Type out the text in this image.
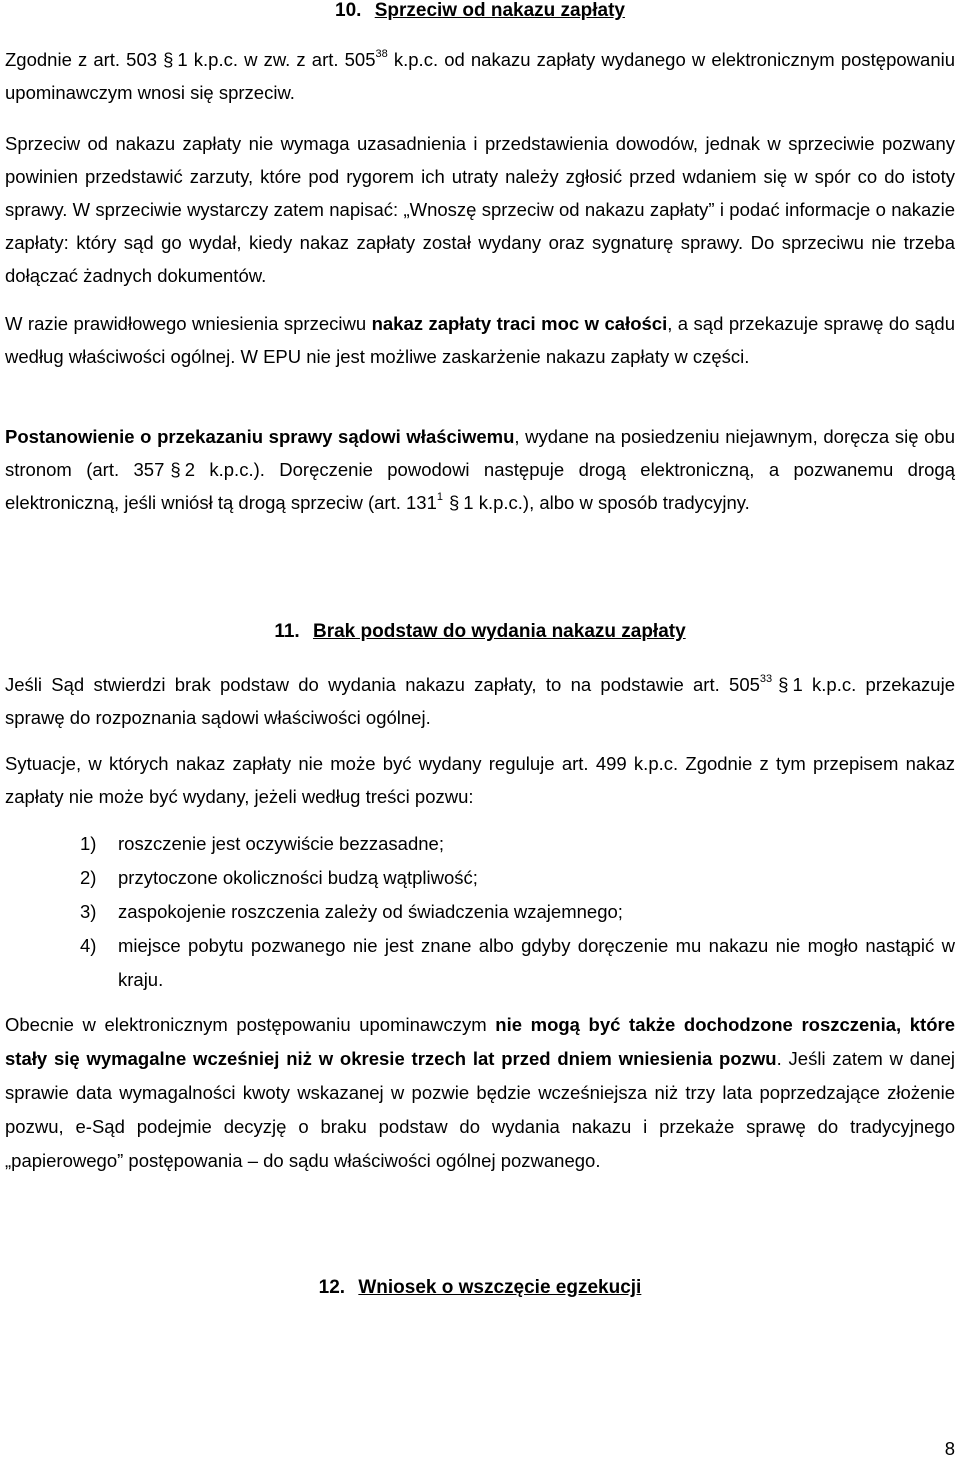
10. Sprzeciw od nakazu zapłaty

Zgodnie z art. 503 § 1 k.p.c. w zw. z art. $505^{38}$ k.p.c. od nakazu zapłaty wydanego w elektronicznym postępowaniu upominawczym wnosi się sprzeciw.

Sprzeciw od nakazu zapłaty nie wymaga uzasadnienia i przedstawienia dowodów, jednak w sprzeciwie pozwany powinien przedstawić zarzuty, które pod rygorem ich utraty należy zgłosić przed wdaniem się w spór co do istoty sprawy. W sprzeciwie wystarczy zatem napisać: „Wnoszę sprzeciw od nakazu zapłaty” i podać informacje o nakazie zapłaty: który sąd go wydał, kiedy nakaz zapłaty został wydany oraz sygnaturę sprawy. Do sprzeciwu nie trzeba dołączać żadnych dokumentów.

W razie prawidłowego wniesienia sprzeciwu nakaz zapłaty traci moc w całości, a sąd przekazuje sprawę do sądu według właściwości ogólnej. W EPU nie jest możliwe zaskarżenie nakazu zapłaty w części.

Postanowienie o przekazaniu sprawy sądowi właściwemu, wydane na posiedzeniu niejawnym, doręcza się obu stronom (art. 357 § 2 k.p.c.). Doręczenie powodowi następuje drogą elektroniczną, a pozwanemu drogą elektroniczną, jeśli wniósł tą drogą sprzeciw (art. $131^1$ § 1 k.p.c.), albo w sposób tradycyjny.

11. Brak podstaw do wydania nakazu zapłaty

Jeśli Sąd stwierdzi brak podstaw do wydania nakazu zapłaty, to na podstawie art. $505^{33}$ § 1 k.p.c. przekazuje sprawę do rozpoznania sądowi właściwości ogólnej.

Sytuacje, w których nakaz zapłaty nie może być wydany reguluje art. 499 k.p.c. Zgodnie z tym przepisem nakaz zapłaty nie może być wydany, jeżeli według treści pozwu:

1) roszczenie jest oczywiście bezzasadne;
2) przytoczone okoliczności budzą wątpliwość;
3) zaspokojenie roszczenia zależy od świadczenia wzajemnego;
4) miejsce pobytu pozwanego nie jest znane albo gdyby doręczenie mu nakazu nie mogło nastąpić w kraju.

Obecnie w elektronicznym postępowaniu upominawczym nie mogą być także dochodzone roszczenia, które stały się wymagalne wcześniej niż w okresie trzech lat przed dniem wniesienia pozwu. Jeśli zatem w danej sprawie data wymagalności kwoty wskazanej w pozwie będzie wcześniejsza niż trzy lata poprzedzające złożenie pozwu, e-Sąd podejmie decyzję o braku podstaw do wydania nakazu i przekaże sprawę do tradycyjnego „papierowego” postępowania – do sądu właściwości ogólnej pozwanego.

12. Wniosek o wszczęcie egzekucji

8
